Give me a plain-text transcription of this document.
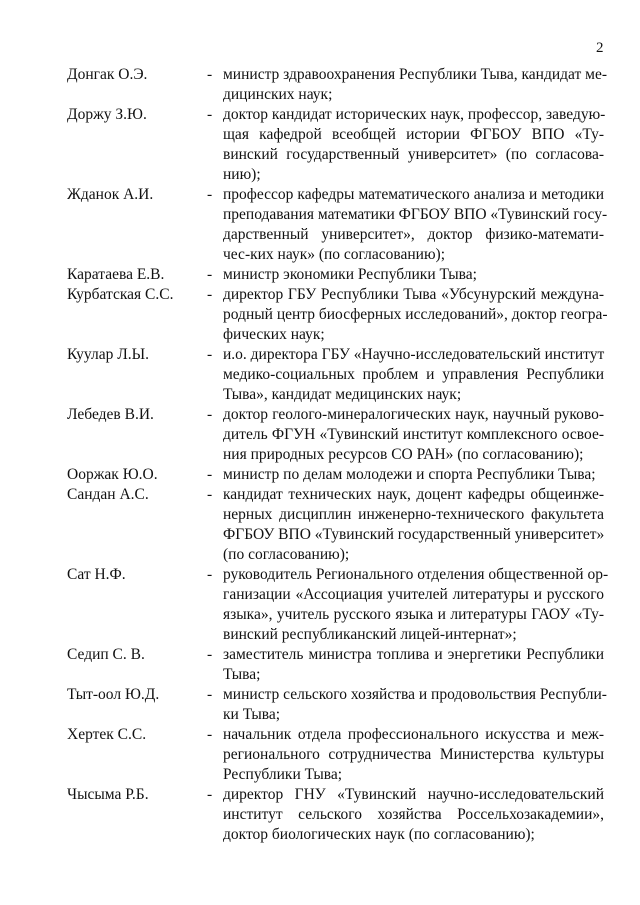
2
Донгак О.Э.	- министр здравоохранения Республики Тыва, кандидат ме-
дицинских наук;
Доржу З.Ю.	- доктор кандидат исторических наук, профессор, заведую-
щая кафедрой всеобщей истории ФГБОУ ВПО «Ту-
винский государственный университет» (по согласова-
нию);
Жданок А.И.	- профессор кафедры математического анализа и методики
преподавания математики ФГБОУ ВПО «Тувинский госу-
дарственный университет», доктор физико-математи-
чес-ких наук» (по согласованию);
Каратаева Е.В.	- министр экономики Республики Тыва;
Курбатская С.С. - директор ГБУ Республики Тыва «Убсунурский междуна-
родный центр биосферных исследований», доктор геогра-
фических наук;
Куулар Л.Ы.	- и.о. директора ГБУ «Научно-исследовательский институт
медико-социальных проблем и управления Республики
Тыва», кандидат медицинских наук;
Лебедев В.И.	- доктор геолого-минералогических наук, научный руково-
дитель ФГУН «Тувинский институт комплексного освое-
ния природных ресурсов СО РАН» (по согласованию);
Ооржак Ю.О.	- министр по делам молодежи и спорта Республики Тыва;
Сандан А.С.	- кандидат технических наук, доцент кафедры общеинже-
нерных дисциплин инженерно-технического факультета
ФГБОУ ВПО «Тувинский государственный университет»
(по согласованию);
Сат Н.Ф.	- руководитель Регионального отделения общественной ор-
ганизации «Ассоциация учителей литературы и русского
языка», учитель русского языка и литературы ГАОУ «Ту-
винский республиканский лицей-интернат»;
Седип С. В.	- заместитель министра топлива и энергетики Республики
Тыва;
Тыт-оол Ю.Д.	- министр сельского хозяйства и продовольствия Республи-
ки Тыва;
Хертек С.С.	- начальник отдела профессионального искусства и меж-
регионального сотрудничества Министерства культуры
Республики Тыва;
Чысыма Р.Б.	- директор ГНУ «Тувинский научно-исследовательский
институт сельского хозяйства Россельхозакадемии»,
доктор биологических наук (по согласованию);
